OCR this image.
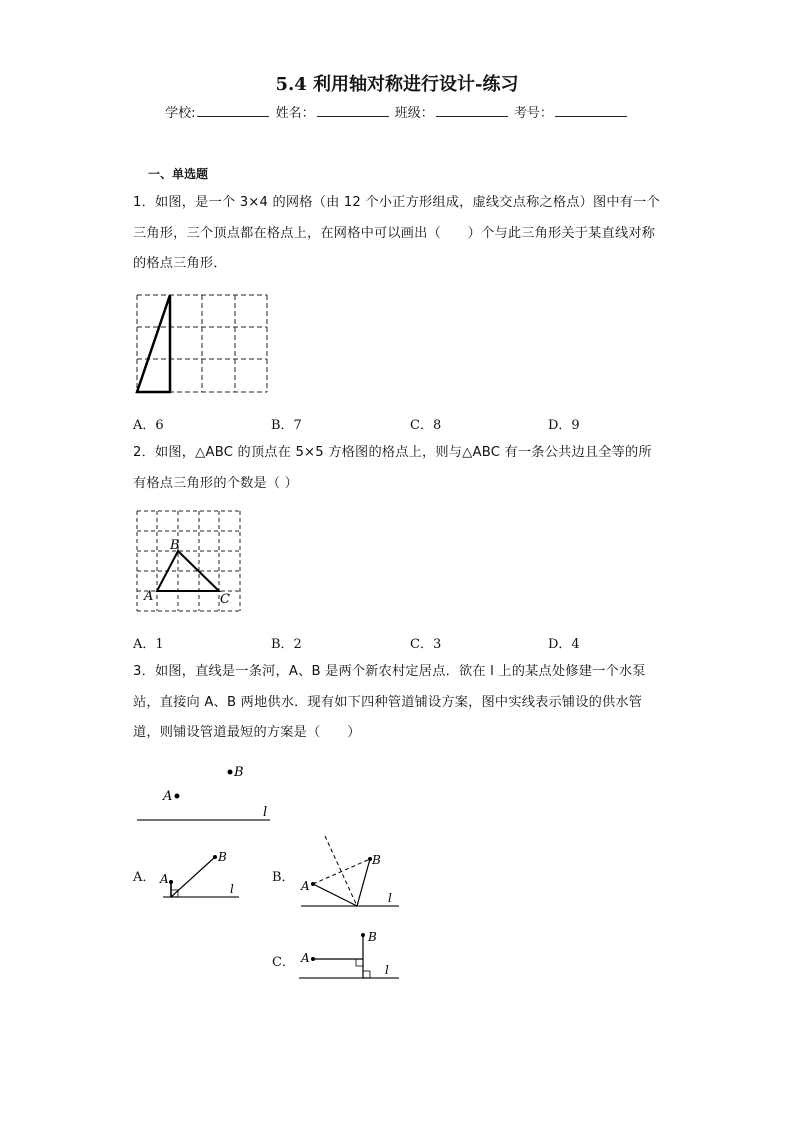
5.4 利用轴对称进行设计-练习
学校:	姓名：	班级：	考号：
一、单选题
1．如图，是一个 3×4 的网格（由 12 个小正方形组成，虚线交点称之格点）图中有一个三角形，三个顶点都在格点上，在网格中可以画出（　　）个与此三角形关于某直线对称的格点三角形．
A．6	B．7	C．8	D．9
2．如图，△ABC 的顶点在 5×5 方格图的格点上，则与△ABC 有一条公共边且全等的所有格点三角形的个数是（ ）
B
A	C
A．1	B．2	C．3	D．4
3．如图，直线是一条河，A、B 是两个新农村定居点．欲在 l 上的某点处修建一个水泵站，直接向 A、B 两地供水．现有如下四种管道铺设方案，图中实线表示铺设的供水管道，则铺设管道最短的方案是（　　）
B
A
l
A． A
B
l
B．
A
B
l
C． A
B
l
